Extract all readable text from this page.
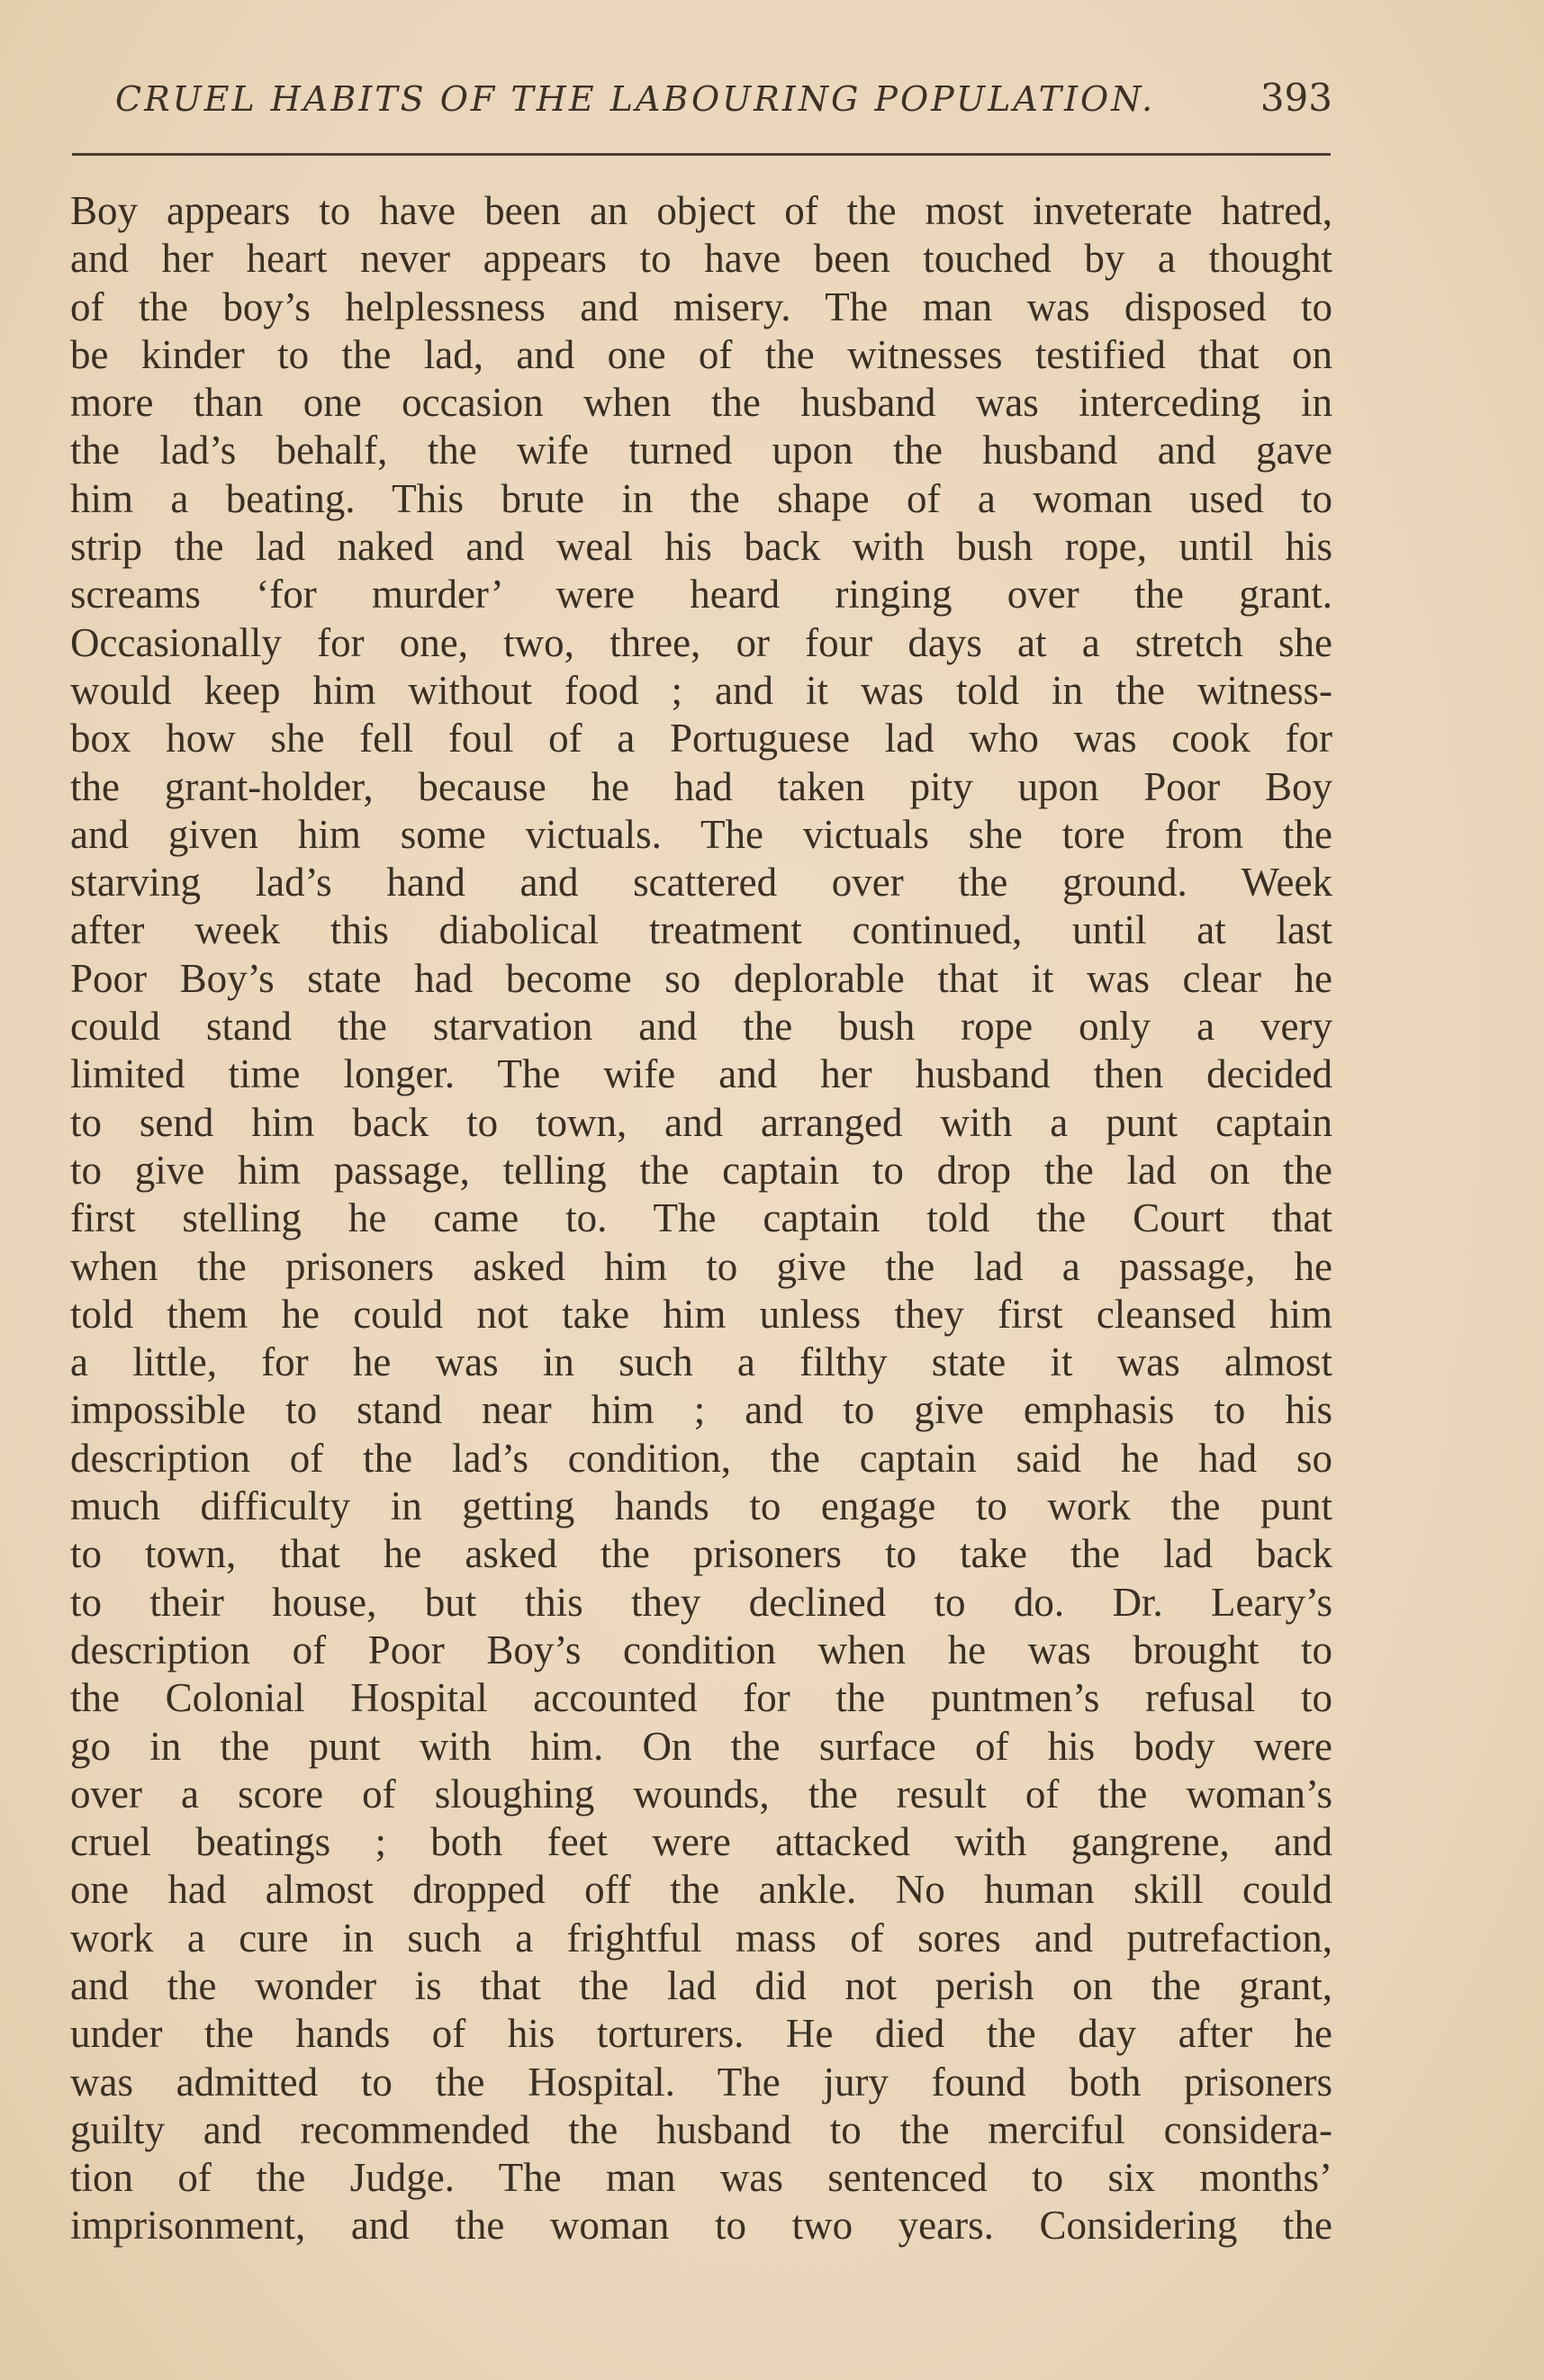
CRUEL HABITS OF THE LABOURING POPULATION.	393
Boy appears to have been an object of the most inveterate hatred,
and her heart never appears to have been touched by a thought
of the boy’s helplessness and misery. The man was disposed to
be kinder to the lad, and one of the witnesses testified that on
more than one occasion when the husband was interceding in
the lad’s behalf, the wife turned upon the husband and gave
him a beating. This brute in the shape of a woman used to
strip the lad naked and weal his back with bush rope, until his
screams ‘for murder’ were heard ringing over the grant.
Occasionally for one, two, three, or four days at a stretch she
would keep him without food ; and it was told in the witness-
box how she fell foul of a Portuguese lad who was cook for
the grant-holder, because he had taken pity upon Poor Boy
and given him some victuals. The victuals she tore from the
starving lad’s hand and scattered over the ground. Week
after week this diabolical treatment continued, until at last
Poor Boy’s state had become so deplorable that it was clear he
could stand the starvation and the bush rope only a very
limited time longer. The wife and her husband then decided
to send him back to town, and arranged with a punt captain
to give him passage, telling the captain to drop the lad on the
first stelling he came to. The captain told the Court that
when the prisoners asked him to give the lad a passage, he
told them he could not take him unless they first cleansed him
a little, for he was in such a filthy state it was almost
impossible to stand near him ; and to give emphasis to his
description of the lad’s condition, the captain said he had so
much difficulty in getting hands to engage to work the punt
to town, that he asked the prisoners to take the lad back
to their house, but this they declined to do. Dr. Leary’s
description of Poor Boy’s condition when he was brought to
the Colonial Hospital accounted for the puntmen’s refusal to
go in the punt with him. On the surface of his body were
over a score of sloughing wounds, the result of the woman’s
cruel beatings ; both feet were attacked with gangrene, and
one had almost dropped off the ankle. No human skill could
work a cure in such a frightful mass of sores and putrefaction,
and the wonder is that the lad did not perish on the grant,
under the hands of his torturers. He died the day after he
was admitted to the Hospital. The jury found both prisoners
guilty and recommended the husband to the merciful considera-
tion of the Judge. The man was sentenced to six months’
imprisonment, and the woman to two years. Considering the
